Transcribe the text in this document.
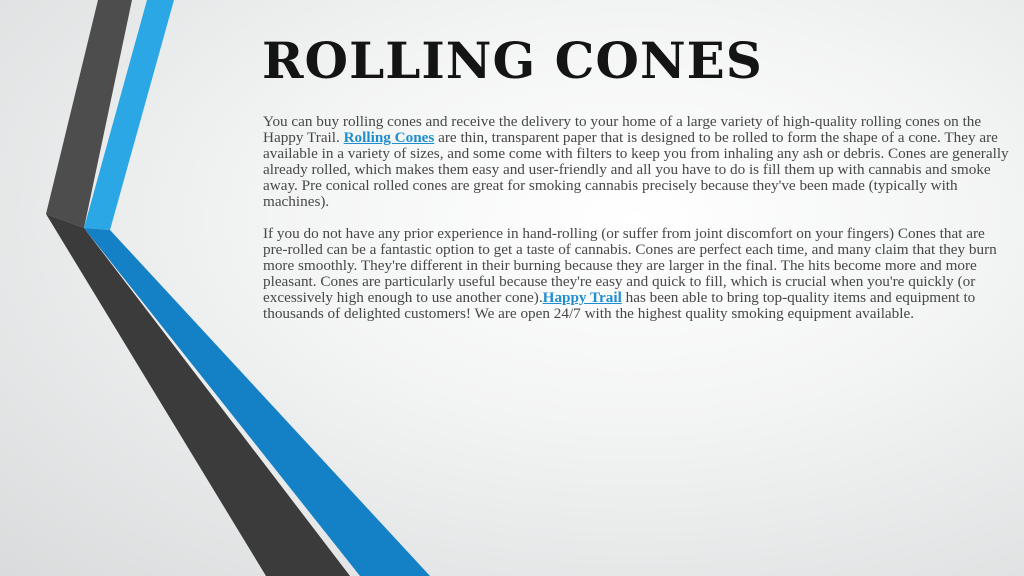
ROLLING CONES

You can buy rolling cones and receive the delivery to your home of a large variety of high-quality rolling cones on the Happy Trail. Rolling Cones are thin, transparent paper that is designed to be rolled to form the shape of a cone. They are available in a variety of sizes, and some come with filters to keep you from inhaling any ash or debris. Cones are generally already rolled, which makes them easy and user-friendly and all you have to do is fill them up with cannabis and smoke away. Pre conical rolled cones are great for smoking cannabis precisely because they've been made (typically with machines).

If you do not have any prior experience in hand-rolling (or suffer from joint discomfort on your fingers) Cones that are pre-rolled can be a fantastic option to get a taste of cannabis. Cones are perfect each time, and many claim that they burn more smoothly. They're different in their burning because they are larger in the final. The hits become more and more pleasant. Cones are particularly useful because they're easy and quick to fill, which is crucial when you're quickly (or excessively high enough to use another cone).Happy Trail has been able to bring top-quality items and equipment to thousands of delighted customers! We are open 24/7 with the highest quality smoking equipment available.
